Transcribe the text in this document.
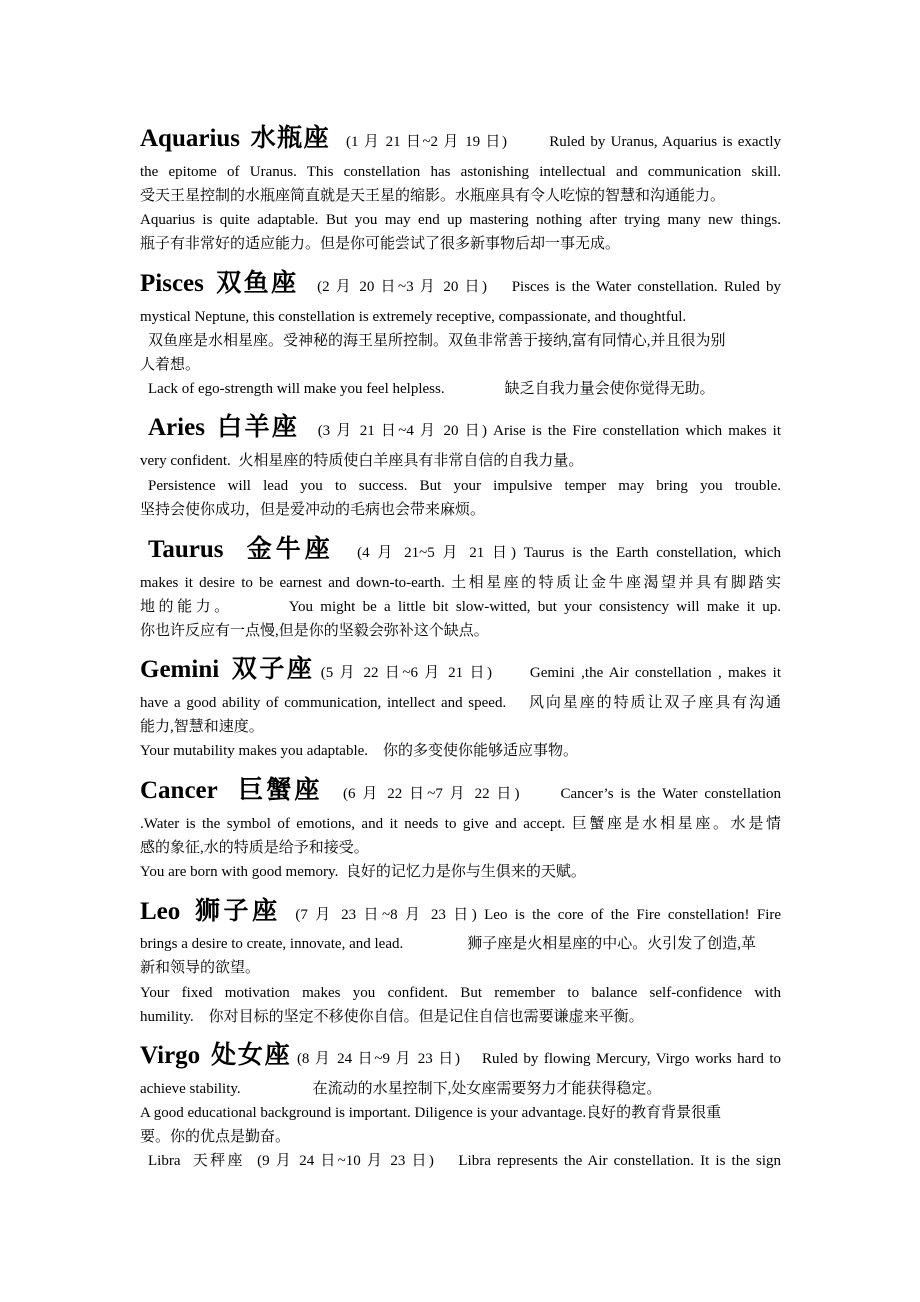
Aquarius 水瓶座 (1 月 21 日~2 月 19 日)	Ruled by Uranus, Aquarius is exactly
the epitome of Uranus. This constellation has astonishing intellectual and communication skill.
受天王星控制的水瓶座简直就是天王星的缩影。水瓶座具有令人吃惊的智慧和沟通能力。
Aquarius is quite adaptable. But you may end up mastering nothing after trying many new things.
瓶子有非常好的适应能力。但是你可能尝试了很多新事物后却一事无成。
Pisces 双鱼座 (2 月 20 日~3 月 20 日) Pisces is the Water constellation. Ruled by
mystical Neptune, this constellation is extremely receptive, compassionate, and thoughtful.
双鱼座是水相星座。受神秘的海王星所控制。双鱼非常善于接纳,富有同情心,并且很为别
人着想。
Lack of ego-strength will make you feel helpless.	缺乏自我力量会使你觉得无助。
Aries 白羊座 (3 月 21 日~4 月 20 日) Arise is the Fire constellation which makes it
very confident. 火相星座的特质使白羊座具有非常自信的自我力量。
Persistence will lead you to success. But your impulsive temper may bring you trouble.
坚持会使你成功，但是爱冲动的毛病也会带来麻烦。
Taurus 金牛座 (4 月 21~5 月 21 日) Taurus is the Earth constellation, which
makes it desire to be earnest and down-to-earth. 土相星座的特质让金牛座渴望并具有脚踏实
地的能力。	You might be a little bit slow-witted, but your consistency will make it up.
你也许反应有一点慢,但是你的坚毅会弥补这个缺点。
Gemini 双子座 (5 月 22 日~6 月 21 日)	Gemini ,the Air constellation , makes it
have a good ability of communication, intellect and speed. 风向星座的特质让双子座具有沟通
能力,智慧和速度。
Your mutability makes you adaptable. 你的多变使你能够适应事物。
Cancer 巨蟹座 (6 月 22 日~7 月 22 日)	Cancer’s is the Water constellation
.Water is the symbol of emotions, and it needs to give and accept. 巨蟹座是水相星座。水是情
感的象征,水的特质是给予和接受。
You are born with good memory. 良好的记忆力是你与生俱来的天赋。
Leo 狮子座 (7 月 23 日~8 月 23 日) Leo is the core of the Fire constellation! Fire
brings a desire to create, innovate, and lead.	狮子座是火相星座的中心。火引发了创造,革
新和领导的欲望。
Your fixed motivation makes you confident. But remember to balance self-confidence with
humility. 你对目标的坚定不移使你自信。但是记住自信也需要谦虚来平衡。
Virgo 处女座 (8 月 24 日~9 月 23 日) Ruled by flowing Mercury, Virgo works hard to
achieve stability.	在流动的水星控制下,处女座需要努力才能获得稳定。
A good educational background is important. Diligence is your advantage.良好的教育背景很重
要。你的优点是勤奋。
Libra 天秤座 (9 月 24 日~10 月 23 日) Libra represents the Air constellation. It is the sign
